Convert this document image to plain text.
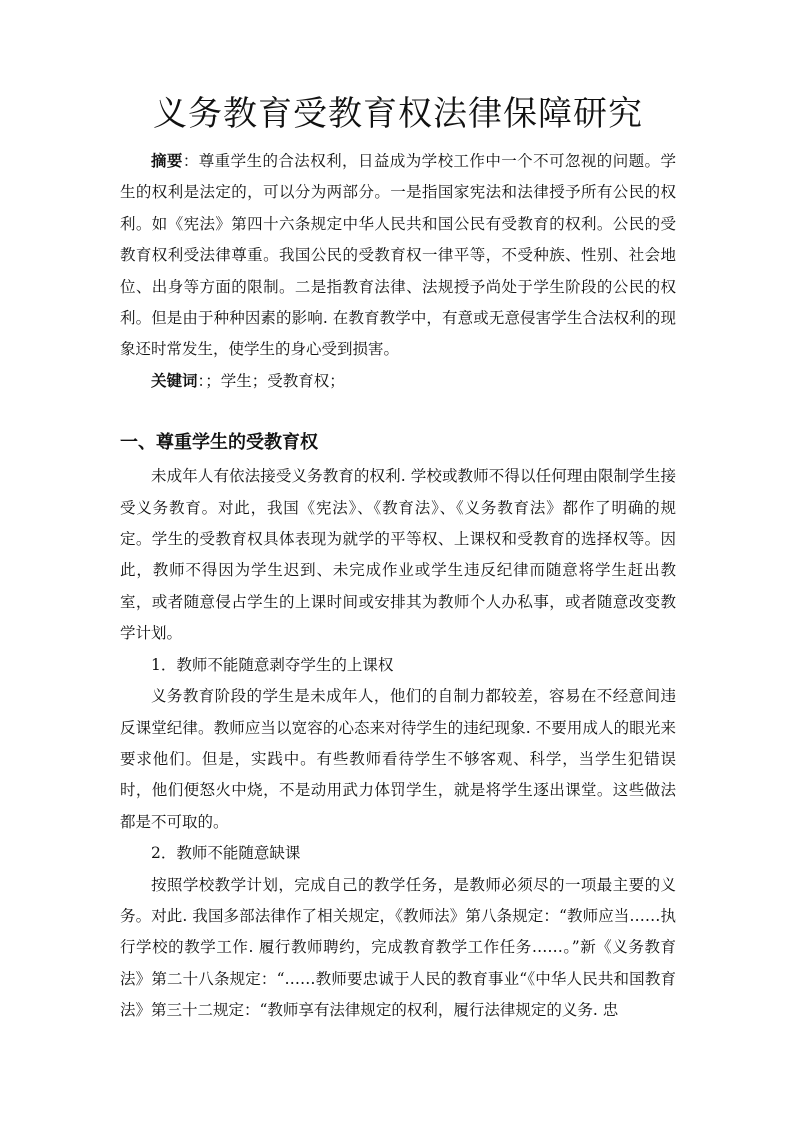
义务教育受教育权法律保障研究

摘要：尊重学生的合法权利，日益成为学校工作中一个不可忽视的问题。学生的权利是法定的，可以分为两部分。一是指国家宪法和法律授予所有公民的权利。如《宪法》第四十六条规定中华人民共和国公民有受教育的权利。公民的受教育权利受法律尊重。我国公民的受教育权一律平等，不受种族、性别、社会地位、出身等方面的限制。二是指教育法律、法规授予尚处于学生阶段的公民的权利。但是由于种种因素的影响. 在教育教学中，有意或无意侵害学生合法权利的现象还时常发生，使学生的身心受到损害。

关键词：；学生；受教育权；

一、尊重学生的受教育权

未成年人有依法接受义务教育的权利. 学校或教师不得以任何理由限制学生接受义务教育。对此，我国《宪法》、《教育法》、《义务教育法》都作了明确的规定。学生的受教育权具体表现为就学的平等权、上课权和受教育的选择权等。因此，教师不得因为学生迟到、未完成作业或学生违反纪律而随意将学生赶出教室，或者随意侵占学生的上课时间或安排其为教师个人办私事，或者随意改变教学计划。

1．教师不能随意剥夺学生的上课权

义务教育阶段的学生是未成年人，他们的自制力都较差，容易在不经意间违反课堂纪律。教师应当以宽容的心态来对待学生的违纪现象. 不要用成人的眼光来要求他们。但是，实践中。有些教师看待学生不够客观、科学，当学生犯错误时，他们便怒火中烧，不是动用武力体罚学生，就是将学生逐出课堂。这些做法都是不可取的。

2．教师不能随意缺课

按照学校教学计划，完成自己的教学任务，是教师必须尽的一项最主要的义务。对此. 我国多部法律作了相关规定，《教师法》第八条规定：“教师应当……执行学校的教学工作. 履行教师聘约，完成教育教学工作任务……。”新《义务教育法》第二十八条规定：“……教师要忠诚于人民的教育事业“《中华人民共和国教育法》第三十二规定：“教师享有法律规定的权利，履行法律规定的义务. 忠
